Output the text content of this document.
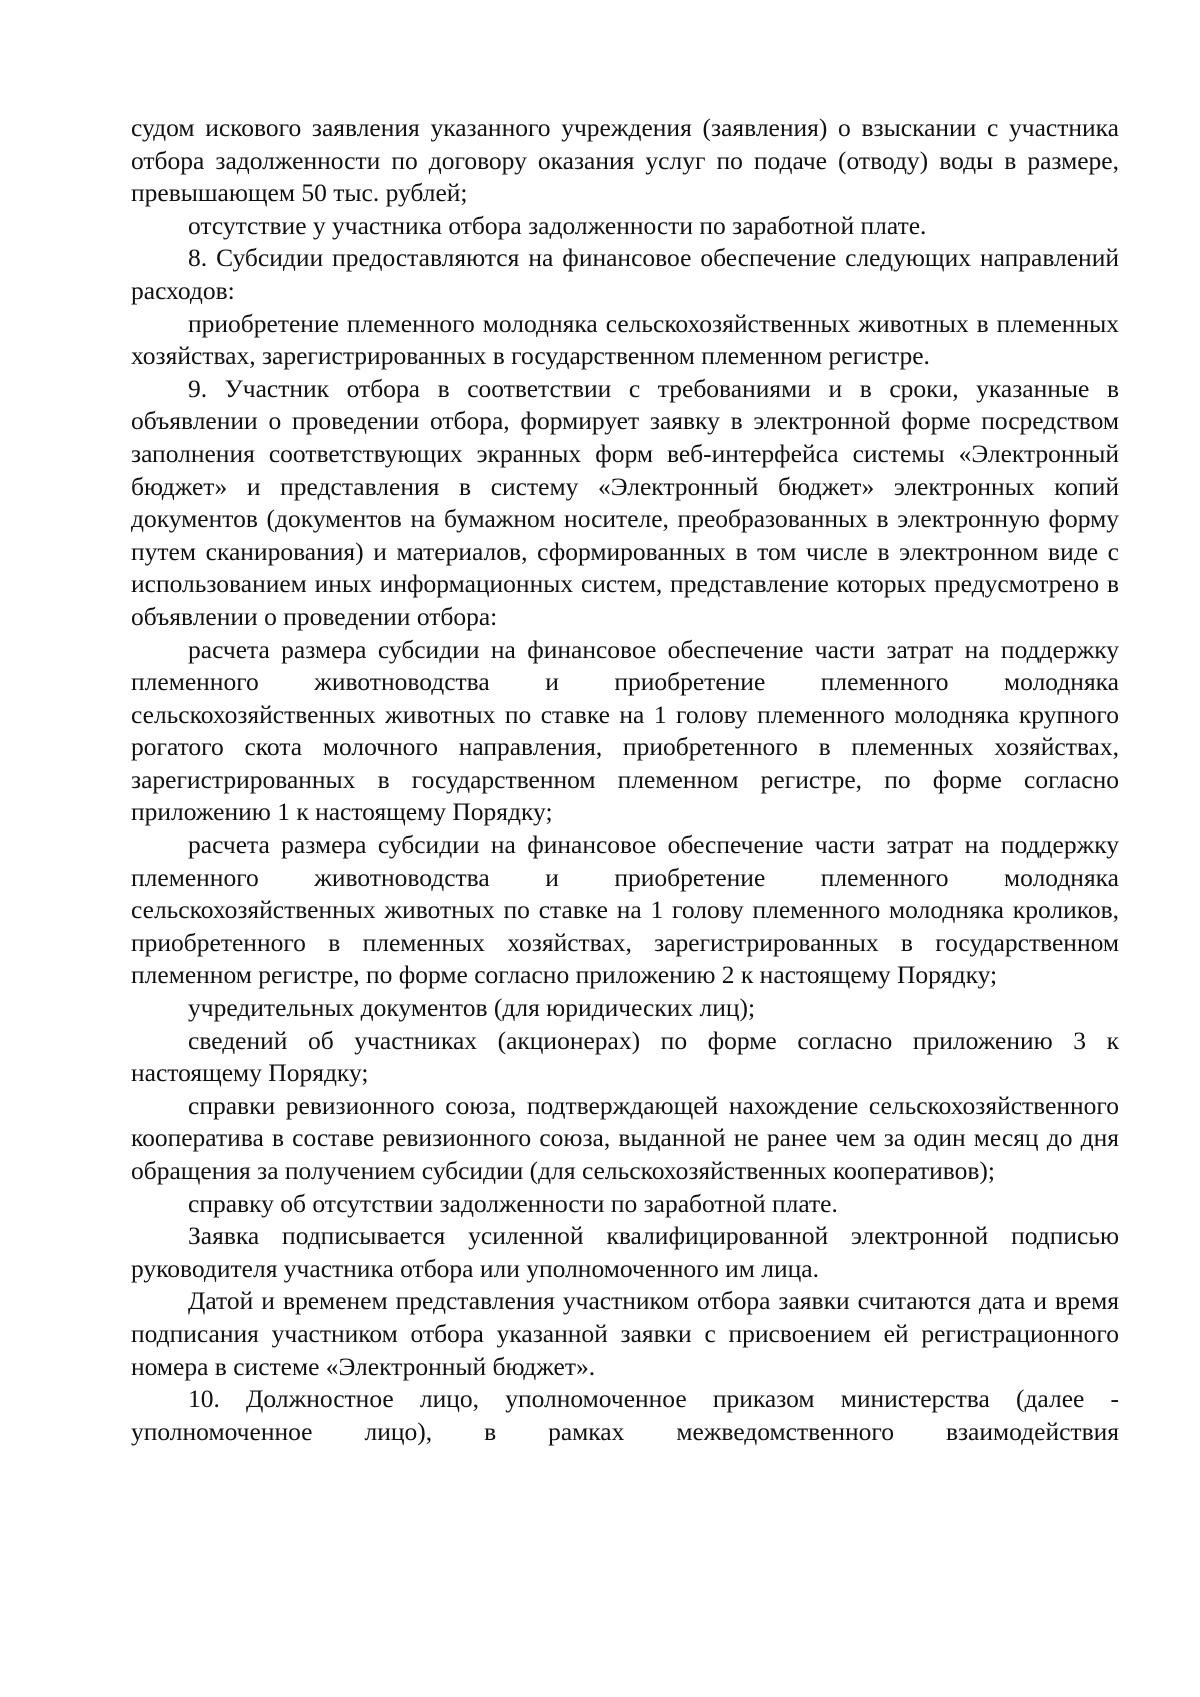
судом искового заявления указанного учреждения (заявления) о взыскании с участника отбора задолженности по договору оказания услуг по подаче (отводу) воды в размере, превышающем 50 тыс. рублей;

отсутствие у участника отбора задолженности по заработной плате.

8. Субсидии предоставляются на финансовое обеспечение следующих направлений расходов:

приобретение племенного молодняка сельскохозяйственных животных в племенных хозяйствах, зарегистрированных в государственном племенном регистре.

9. Участник отбора в соответствии с требованиями и в сроки, указанные в объявлении о проведении отбора, формирует заявку в электронной форме посредством заполнения соответствующих экранных форм веб-интерфейса системы «Электронный бюджет» и представления в систему «Электронный бюджет» электронных копий документов (документов на бумажном носителе, преобразованных в электронную форму путем сканирования) и материалов, сформированных в том числе в электронном виде с использованием иных информационных систем, представление которых предусмотрено в объявлении о проведении отбора:

расчета размера субсидии на финансовое обеспечение части затрат на поддержку племенного животноводства и приобретение племенного молодняка сельскохозяйственных животных по ставке на 1 голову племенного молодняка крупного рогатого скота молочного направления, приобретенного в племенных хозяйствах, зарегистрированных в государственном племенном регистре, по форме согласно приложению 1 к настоящему Порядку;

расчета размера субсидии на финансовое обеспечение части затрат на поддержку племенного животноводства и приобретение племенного молодняка сельскохозяйственных животных по ставке на 1 голову племенного молодняка кроликов, приобретенного в племенных хозяйствах, зарегистрированных в государственном племенном регистре, по форме согласно приложению 2 к настоящему Порядку;

учредительных документов (для юридических лиц);

сведений об участниках (акционерах) по форме согласно приложению 3 к настоящему Порядку;

справки ревизионного союза, подтверждающей нахождение сельскохозяйственного кооператива в составе ревизионного союза, выданной не ранее чем за один месяц до дня обращения за получением субсидии (для сельскохозяйственных кооперативов);

справку об отсутствии задолженности по заработной плате.

Заявка подписывается усиленной квалифицированной электронной подписью руководителя участника отбора или уполномоченного им лица.

Датой и временем представления участником отбора заявки считаются дата и время подписания участником отбора указанной заявки с присвоением ей регистрационного номера в системе «Электронный бюджет».

10. Должностное лицо, уполномоченное приказом министерства (далее - уполномоченное лицо), в рамках межведомственного взаимодействия
